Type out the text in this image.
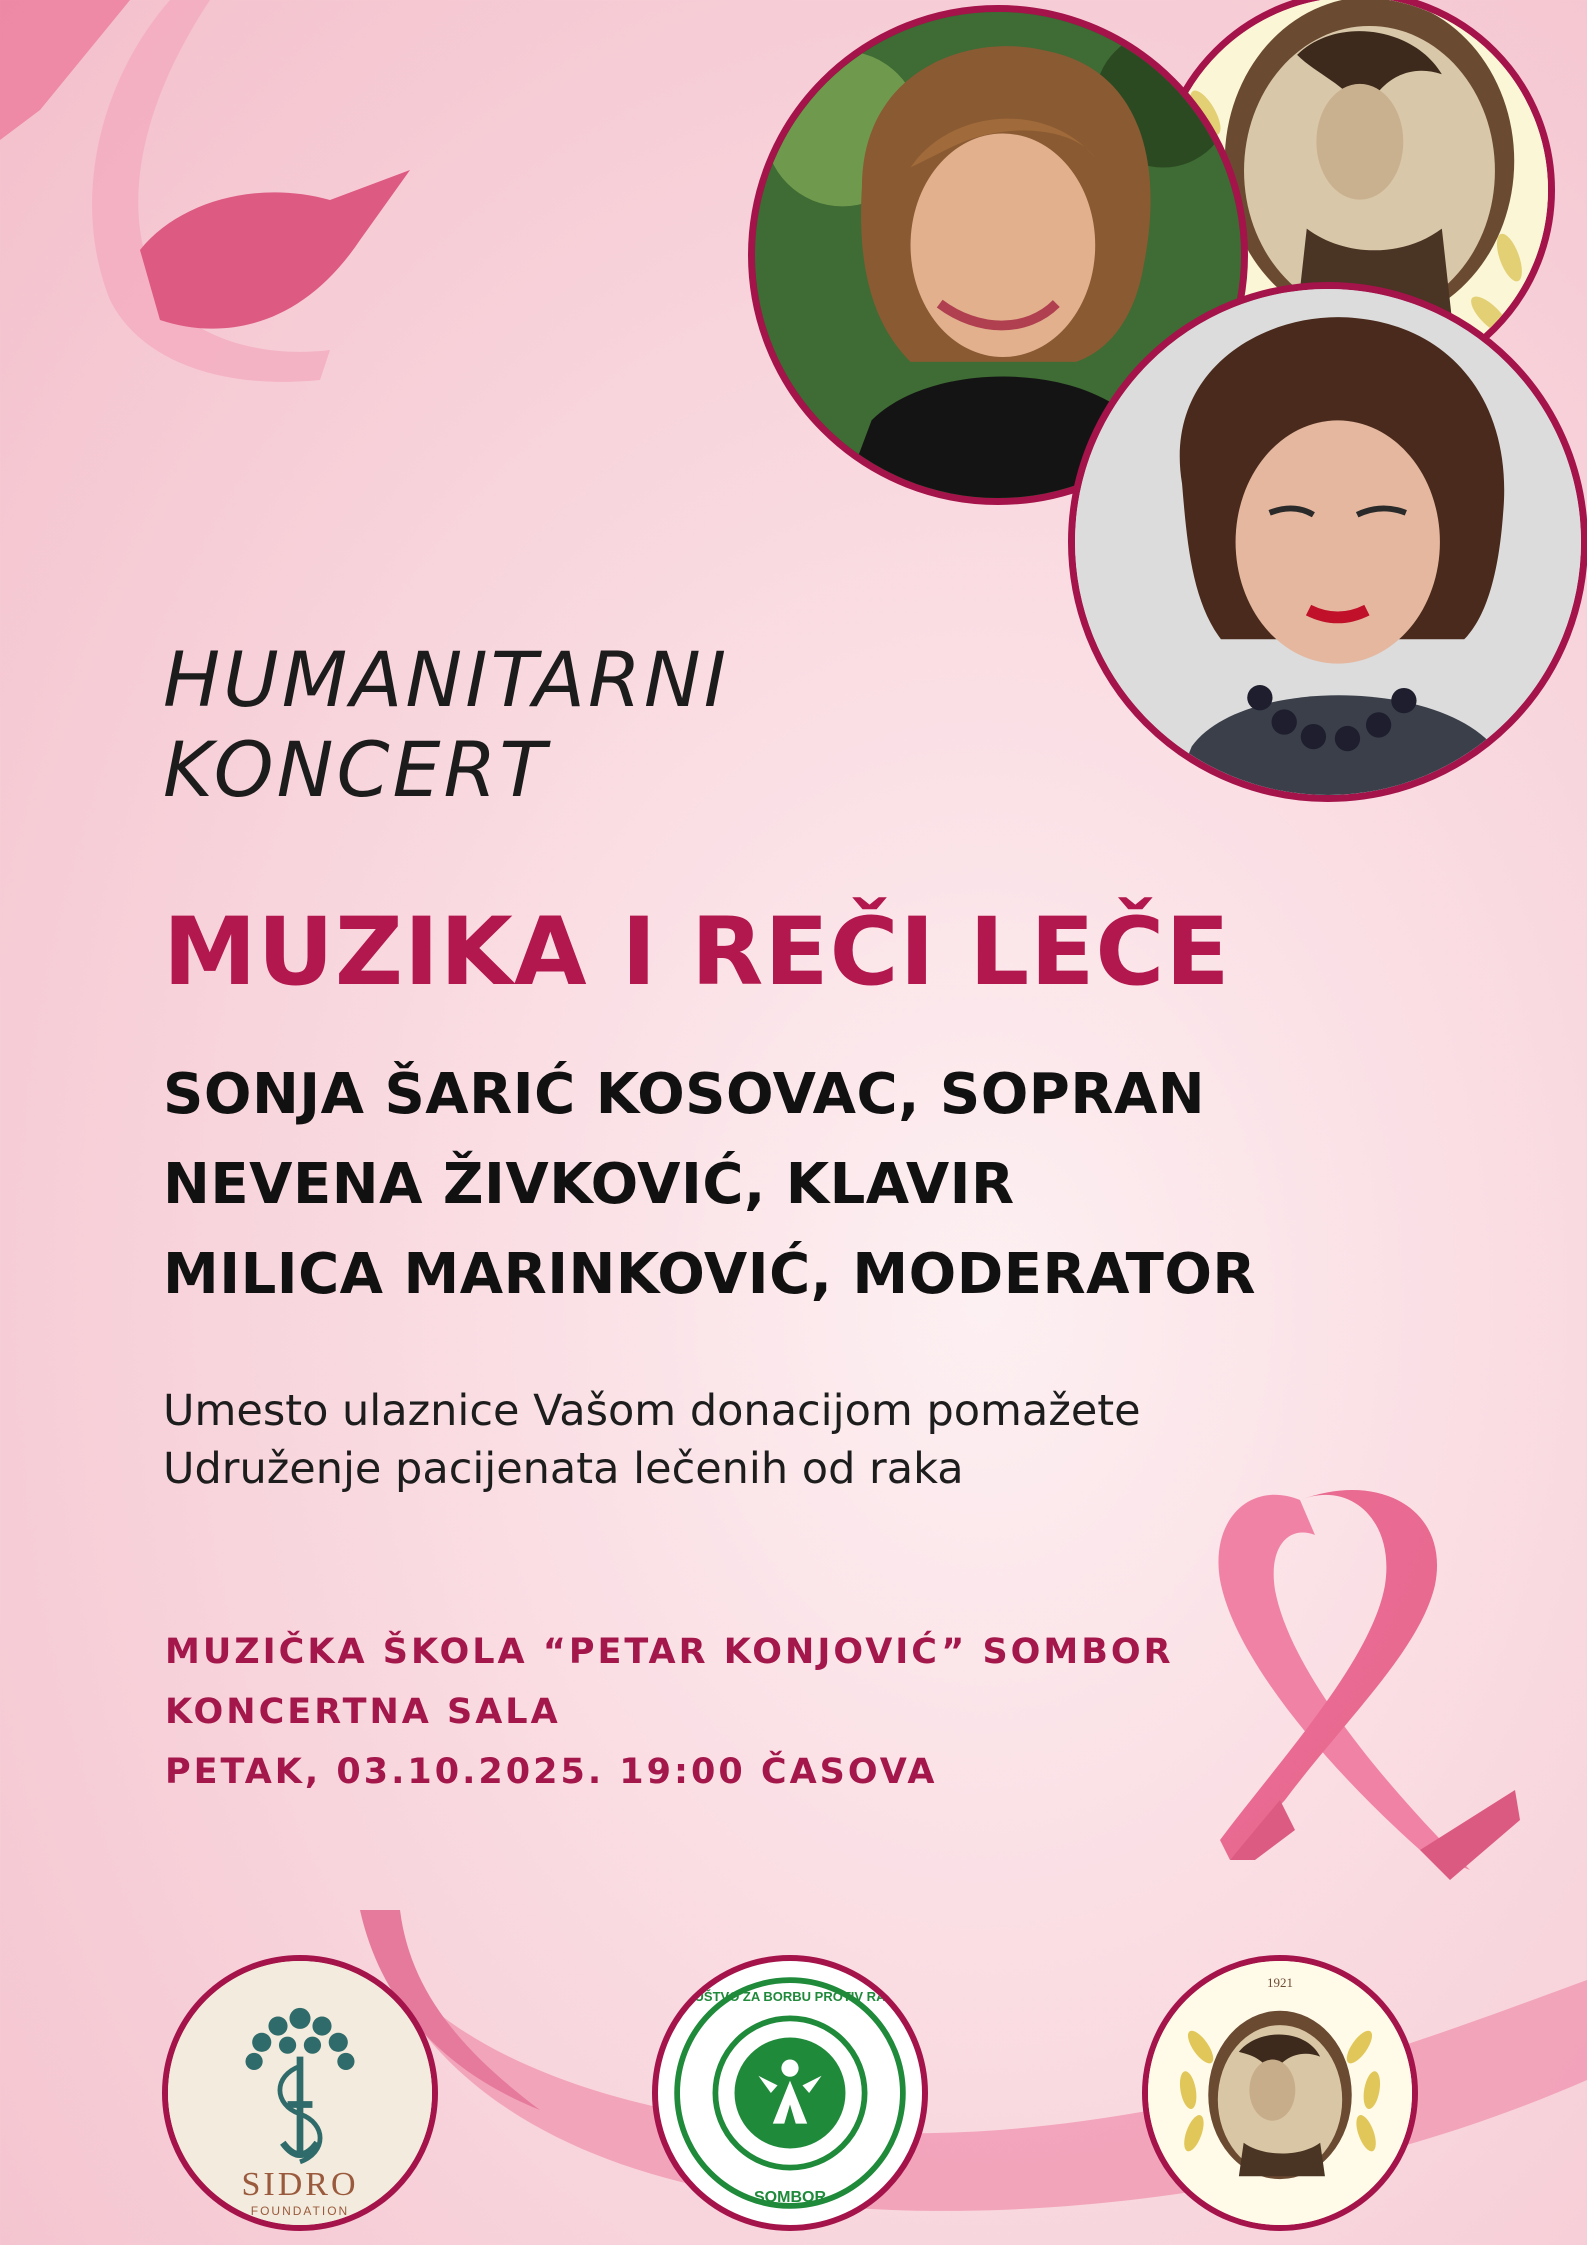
HUMANITARNI
KONCERT
MUZIKA I REČI LEČE
SONJA ŠARIĆ KOSOVAC, SOPRAN
NEVENA ŽIVKOVIĆ, KLAVIR
MILICA MARINKOVIĆ, MODERATOR
Umesto ulaznice Vašom donacijom pomažete Udruženje pacijenata lečenih od raka
MUZIČKA ŠKOLA “PETAR KONJOVIĆ” SOMBOR
KONCERTNA SALA
PETAK, 03.10.2025. 19:00 ČASOVA
SIDRO
FOUNDATION
DRUŠTVO ZA BORBU PROTIV RAKA
SOMBOR
1921
